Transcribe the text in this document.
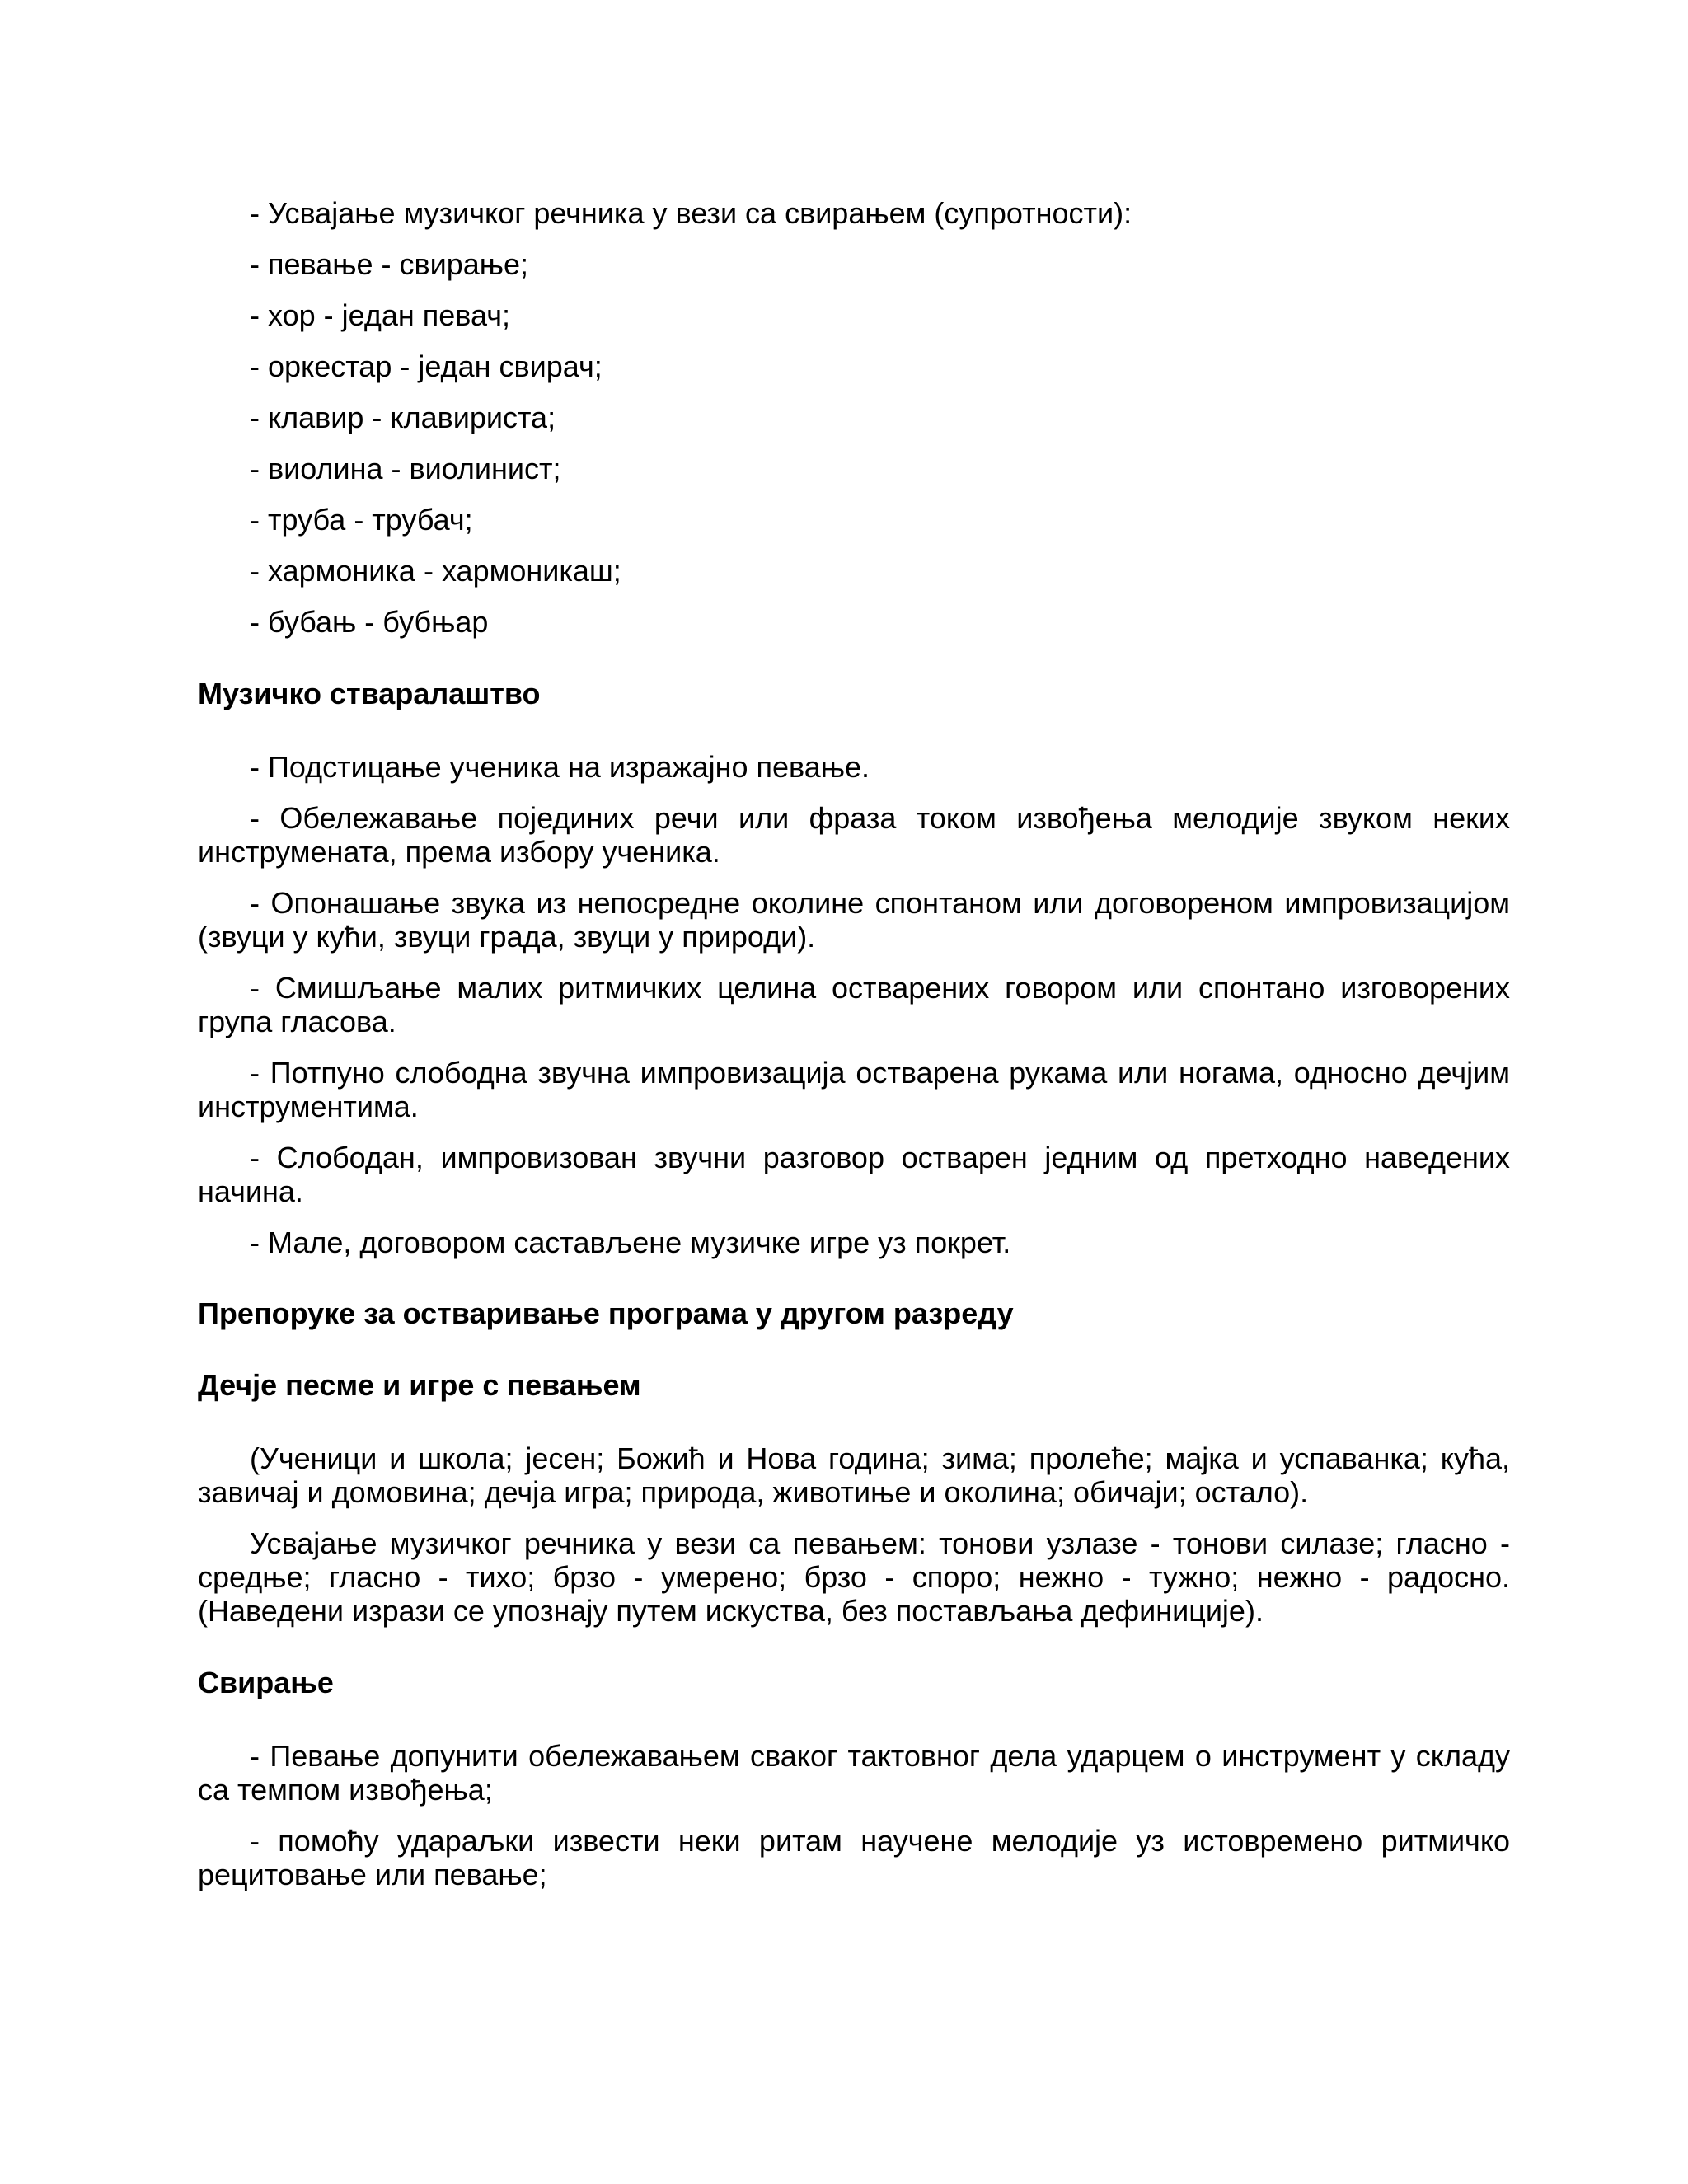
- Усвајање музичког речника у вези са свирањем (супротности):

- певање - свирање;

- хор - један певач;

- оркестар - један свирач;

- клавир - клавириста;

- виолина - виолинист;

- труба - трубач;

- хармоника - хармоникаш;

- бубањ - бубњар

Музичко стваралаштво

- Подстицање ученика на изражајно певање.

- Обележавање појединих речи или фраза током извођења мелодије звуком неких инструмената, према избору ученика.

- Опонашање звука из непосредне околине спонтаном или договореном импровизацијом (звуци у кући, звуци града, звуци у природи).

- Смишљање малих ритмичких целина остварених говором или спонтано изговорених група гласова.

- Потпуно слободна звучна импровизација остварена рукама или ногама, односно дечјим инструментима.

- Слободан, импровизован звучни разговор остварен једним од претходно наведених начина.

- Мале, договором састављене музичке игре уз покрет.

Препоруке за остваривање програма у другом разреду
Дечје песме и игре с певањем

(Ученици и школа; јесен; Божић и Нова година; зима; пролеће; мајка и успаванка; кућа, завичај и домовина; дечја игра; природа, животиње и околина; обичаји; остало).

Усвајање музичког речника у вези са певањем: тонови узлазе - тонови силазе; гласно - средње; гласно - тихо; брзо - умерено; брзо - споро; нежно - тужно; нежно - радосно. (Наведени изрази се упознају путем искуства, без постављања дефиниције).

Свирање

- Певање допунити обележавањем сваког тактовног дела ударцем о инструмент у складу са темпом извођења;

- помоћу удараљки извести неки ритам научене мелодије уз истовремено ритмичко рецитовање или певање;
